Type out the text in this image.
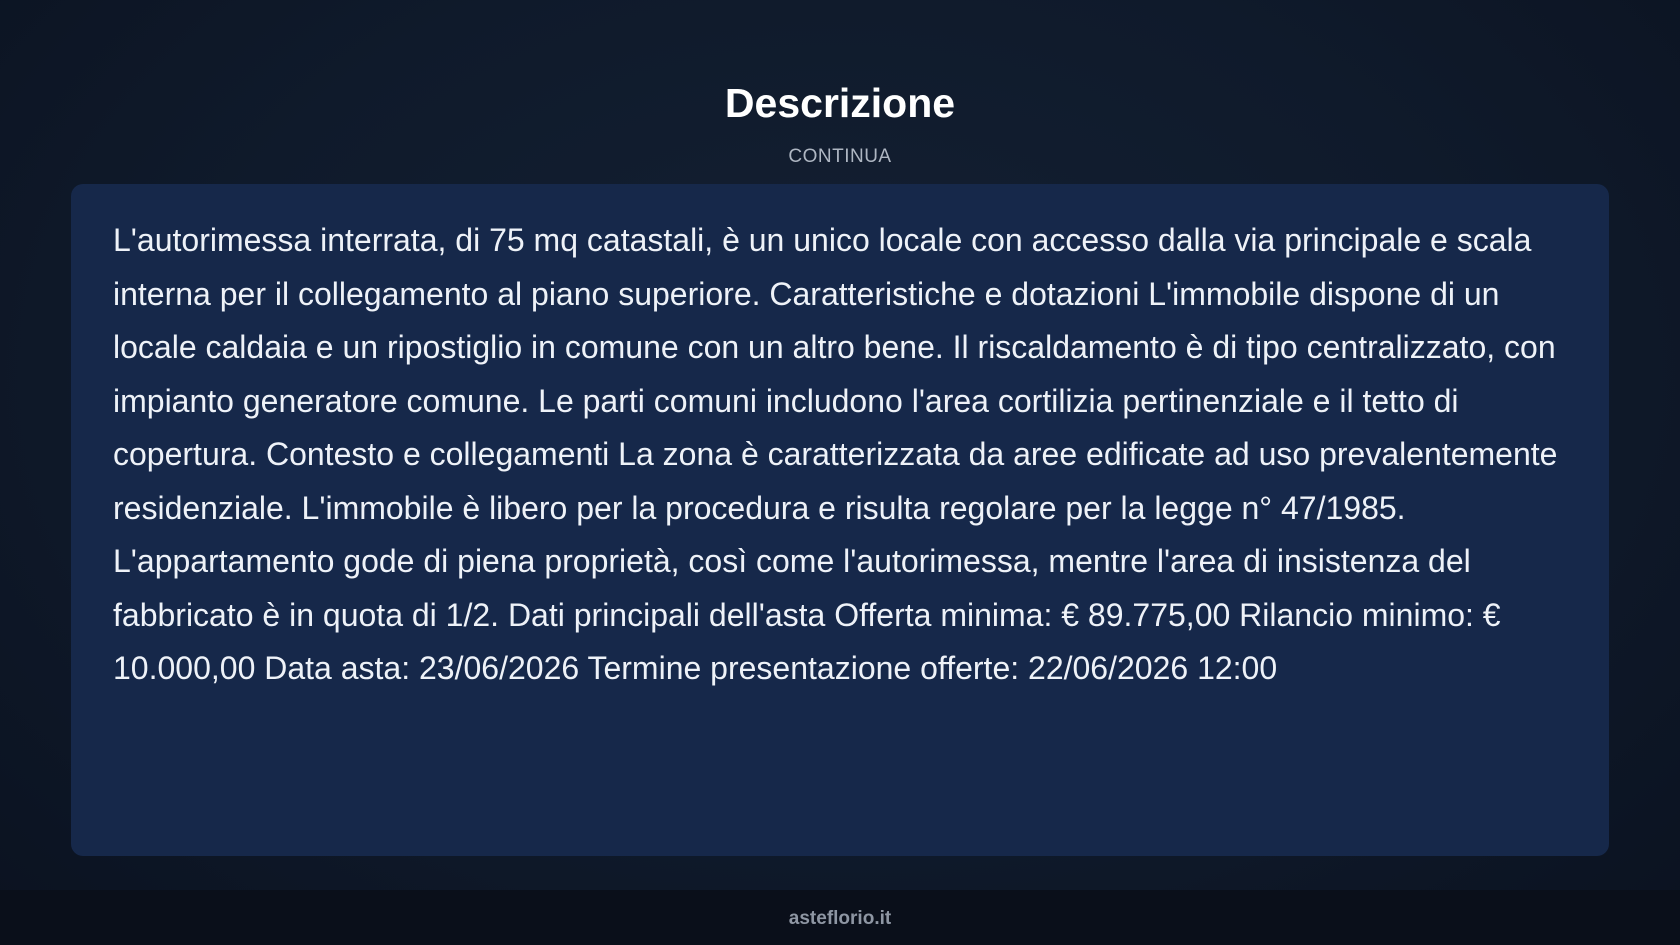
Descrizione
CONTINUA

L'autorimessa interrata, di 75 mq catastali, è un unico locale con accesso dalla via principale e scala interna per il collegamento al piano superiore. Caratteristiche e dotazioni L'immobile dispone di un locale caldaia e un ripostiglio in comune con un altro bene. Il riscaldamento è di tipo centralizzato, con impianto generatore comune. Le parti comuni includono l'area cortilizia pertinenziale e il tetto di copertura. Contesto e collegamenti La zona è caratterizzata da aree edificate ad uso prevalentemente residenziale. L'immobile è libero per la procedura e risulta regolare per la legge n° 47/1985. L'appartamento gode di piena proprietà, così come l'autorimessa, mentre l'area di insistenza del fabbricato è in quota di 1/2. Dati principali dell'asta Offerta minima: € 89.775,00 Rilancio minimo: € 10.000,00 Data asta: 23/06/2026 Termine presentazione offerte: 22/06/2026 12:00

asteflorio.it
